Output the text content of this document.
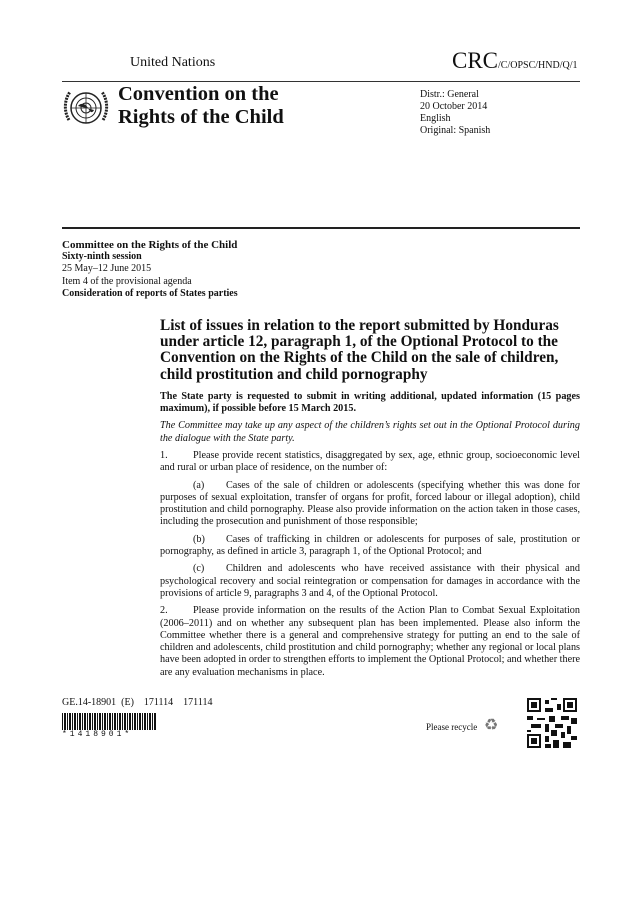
United Nations	CRC/C/OPSC/HND/Q/1
Convention on the
Rights of the Child
Distr.: General
20 October 2014
English
Original: Spanish
Committee on the Rights of the Child
Sixty-ninth session
25 May–12 June 2015
Item 4 of the provisional agenda
Consideration of reports of States parties
List of issues in relation to the report submitted by Honduras under article 12, paragraph 1, of the Optional Protocol to the Convention on the Rights of the Child on the sale of children, child prostitution and child pornography

The State party is requested to submit in writing additional, updated information (15 pages maximum), if possible before 15 March 2015.

The Committee may take up any aspect of the children’s rights set out in the Optional Protocol during the dialogue with the State party.

1. Please provide recent statistics, disaggregated by sex, age, ethnic group, socioeconomic level and rural or urban place of residence, on the number of:

(a) Cases of the sale of children or adolescents (specifying whether this was done for purposes of sexual exploitation, transfer of organs for profit, forced labour or illegal adoption), child prostitution and child pornography. Please also provide information on the action taken in those cases, including the prosecution and punishment of those responsible;

(b) Cases of trafficking in children or adolescents for purposes of sale, prostitution or pornography, as defined in article 3, paragraph 1, of the Optional Protocol; and

(c) Children and adolescents who have received assistance with their physical and psychological recovery and social reintegration or compensation for damages in accordance with the provisions of article 9, paragraphs 3 and 4, of the Optional Protocol.

2. Please provide information on the results of the Action Plan to Combat Sexual Exploitation (2006–2011) and on whether any subsequent plan has been implemented. Please also inform the Committee whether there is a general and comprehensive strategy for putting an end to the sale of children and adolescents, child prostitution and child pornography; whether any regional or local plans have been adopted in order to strengthen efforts to implement the Optional Protocol; and whether there are any evaluation mechanisms in place.

GE.14-18901  (E)    171114    171114
*1418901*
Please recycle ♻
